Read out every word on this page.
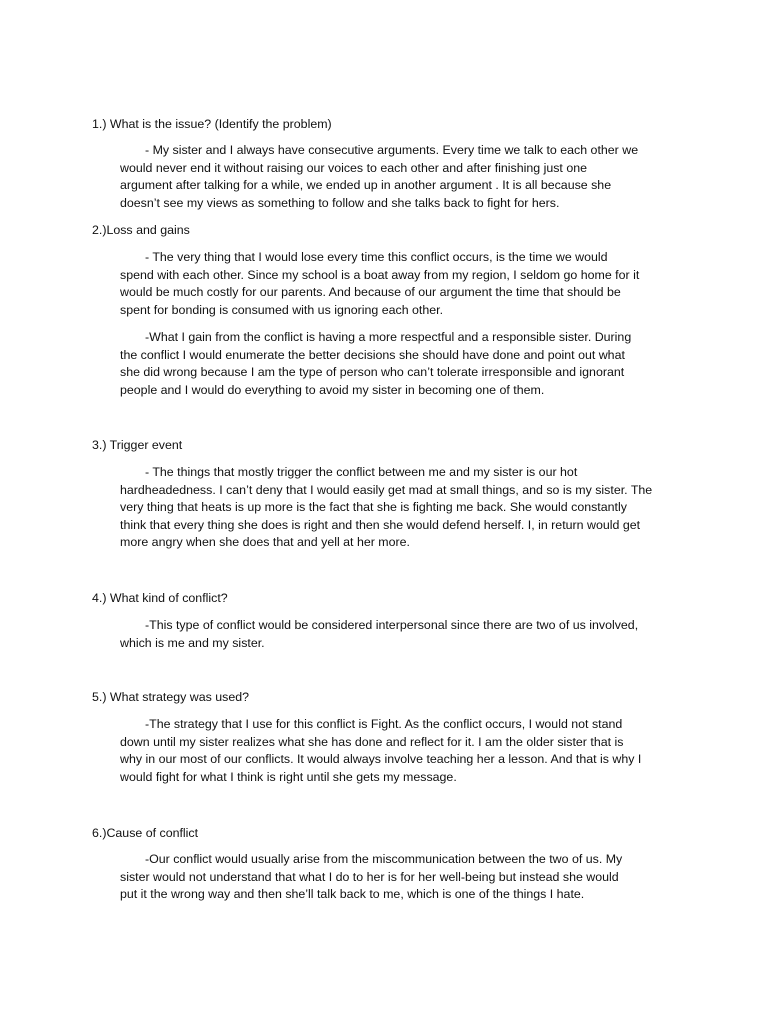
1.) What is the issue? (Identify the problem)

- My sister and I always have consecutive arguments. Every time we talk to each other we
would never end it without raising our voices to each other and after finishing just one
argument after talking for a while, we ended up in another argument . It is all because she
doesn’t see my views as something to follow and she talks back to fight for hers.

2.)Loss and gains

- The very thing that I would lose every time this conflict occurs, is the time we would
spend with each other. Since my school is a boat away from my region, I seldom go home for it
would be much costly for our parents. And because of our argument the time that should be
spent for bonding is consumed with us ignoring each other.
-What I gain from the conflict is having a more respectful and a responsible sister. During
the conflict I would enumerate the better decisions she should have done and point out what
she did wrong because I am the type of person who can’t tolerate irresponsible and ignorant
people and I would do everything to avoid my sister in becoming one of them.

3.) Trigger event

- The things that mostly trigger the conflict between me and my sister is our hot
hardheadedness. I can’t deny that I would easily get mad at small things, and so is my sister. The
very thing that heats is up more is the fact that she is fighting me back. She would constantly
think that every thing she does is right and then she would defend herself. I, in return would get
more angry when she does that and yell at her more.

4.) What kind of conflict?

-This type of conflict would be considered interpersonal since there are two of us involved,
which is me and my sister.

5.) What strategy was used?

-The strategy that I use for this conflict is Fight. As the conflict occurs, I would not stand
down until my sister realizes what she has done and reflect for it. I am the older sister that is
why in our most of our conflicts. It would always involve teaching her a lesson. And that is why I
would fight for what I think is right until she gets my message.

6.)Cause of conflict

-Our conflict would usually arise from the miscommunication between the two of us. My
sister would not understand that what I do to her is for her well-being but instead she would
put it the wrong way and then she’ll talk back to me, which is one of the things I hate.
